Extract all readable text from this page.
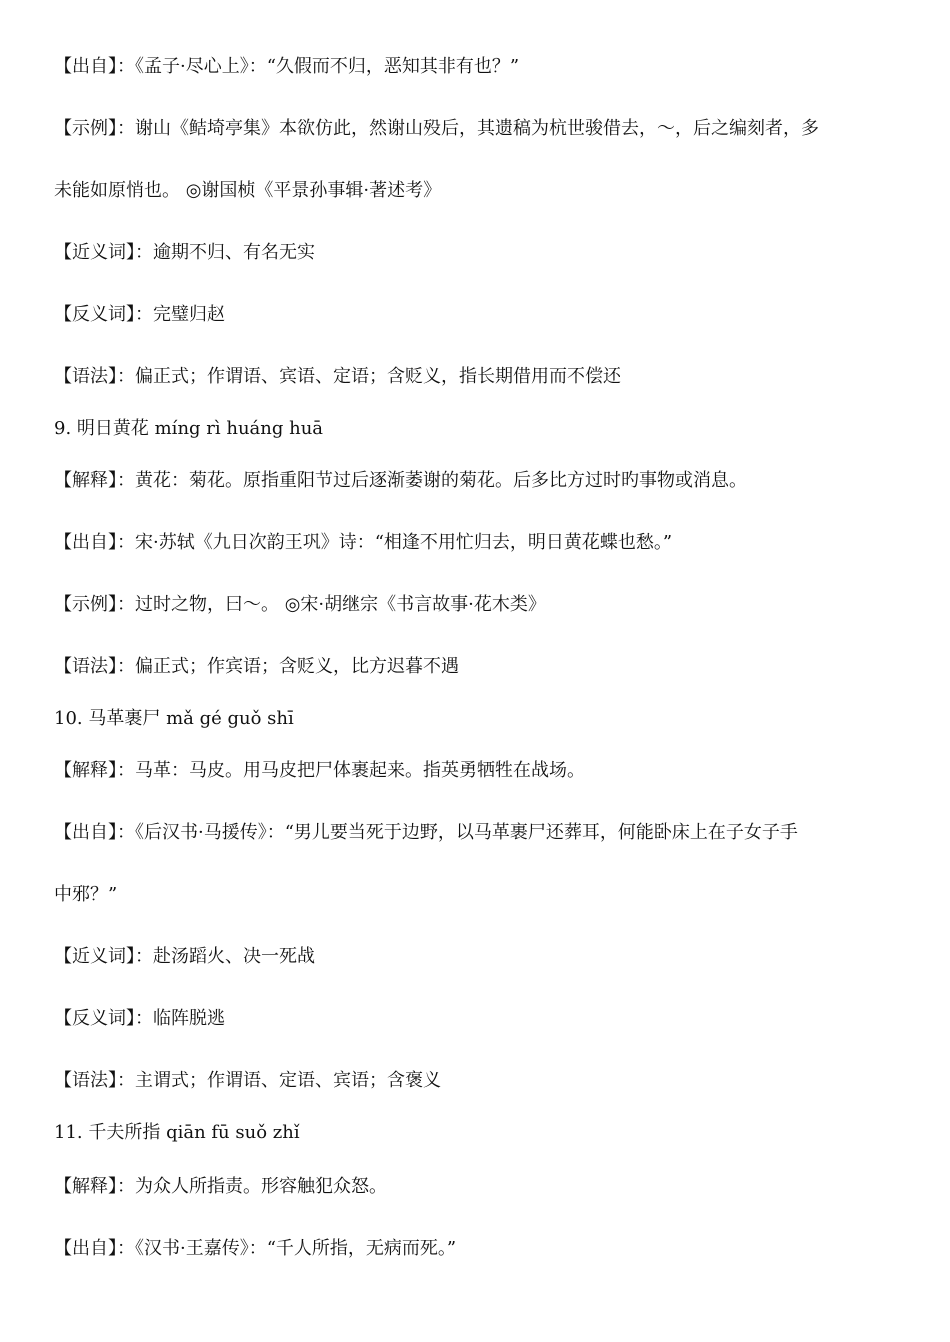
【出自】：《孟子·尽心上》：“久假而不归，恶知其非有也？”
【示例】：谢山《鲒埼亭集》本欲仿此，然谢山殁后，其遗稿为杭世骏借去，～，后之编刻者，多
未能如原悄也。 ◎谢国桢《平景孙事辑·著述考》
【近义词】：逾期不归、有名无实
【反义词】：完璧归赵
【语法】：偏正式；作谓语、宾语、定语；含贬义，指长期借用而不偿还
9. 明日黄花 míng rì huáng huā
【解释】：黄花：菊花。原指重阳节过后逐渐萎谢的菊花。后多比方过时旳事物或消息。
【出自】：宋·苏轼《九日次韵王巩》诗：“相逢不用忙归去，明日黄花蝶也愁。”
【示例】：过时之物，曰～。 ◎宋·胡继宗《书言故事·花木类》
【语法】：偏正式；作宾语；含贬义，比方迟暮不遇
10. 马革裹尸 mǎ gé guǒ shī
【解释】：马革：马皮。用马皮把尸体裹起来。指英勇牺牲在战场。
【出自】：《后汉书·马援传》：“男儿要当死于边野，以马革裹尸还葬耳，何能卧床上在子女子手
中邪？”
【近义词】：赴汤蹈火、决一死战
【反义词】：临阵脱逃
【语法】：主谓式；作谓语、定语、宾语；含褒义
11. 千夫所指 qiān fū suǒ zhǐ
【解释】：为众人所指责。形容触犯众怒。
【出自】：《汉书·王嘉传》：“千人所指，无病而死。”
